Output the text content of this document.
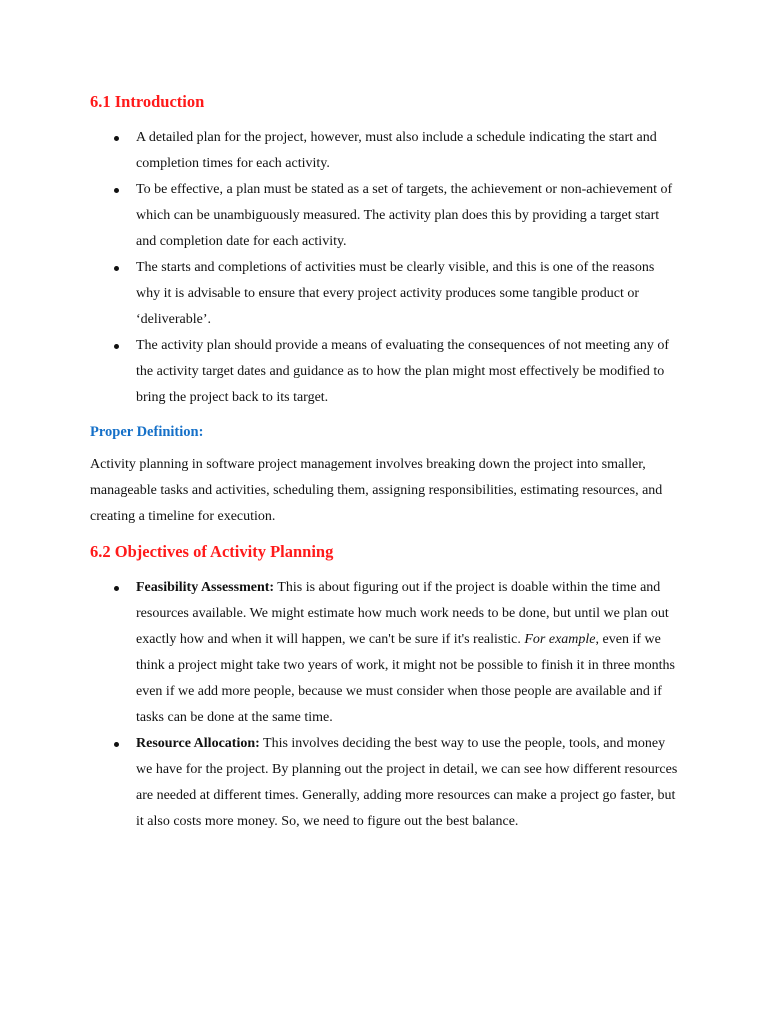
6.1 Introduction
A detailed plan for the project, however, must also include a schedule indicating the start and completion times for each activity.
To be effective, a plan must be stated as a set of targets, the achievement or non-achievement of which can be unambiguously measured. The activity plan does this by providing a target start and completion date for each activity.
The starts and completions of activities must be clearly visible, and this is one of the reasons why it is advisable to ensure that every project activity produces some tangible product or ‘deliverable’.
The activity plan should provide a means of evaluating the consequences of not meeting any of the activity target dates and guidance as to how the plan might most effectively be modified to bring the project back to its target.
Proper Definition:

Activity planning in software project management involves breaking down the project into smaller, manageable tasks and activities, scheduling them, assigning responsibilities, estimating resources, and creating a timeline for execution.

6.2 Objectives of Activity Planning
Feasibility Assessment: This is about figuring out if the project is doable within the time and resources available. We might estimate how much work needs to be done, but until we plan out exactly how and when it will happen, we can't be sure if it's realistic. For example, even if we think a project might take two years of work, it might not be possible to finish it in three months even if we add more people, because we must consider when those people are available and if tasks can be done at the same time.
Resource Allocation: This involves deciding the best way to use the people, tools, and money we have for the project. By planning out the project in detail, we can see how different resources are needed at different times. Generally, adding more resources can make a project go faster, but it also costs more money. So, we need to figure out the best balance.
